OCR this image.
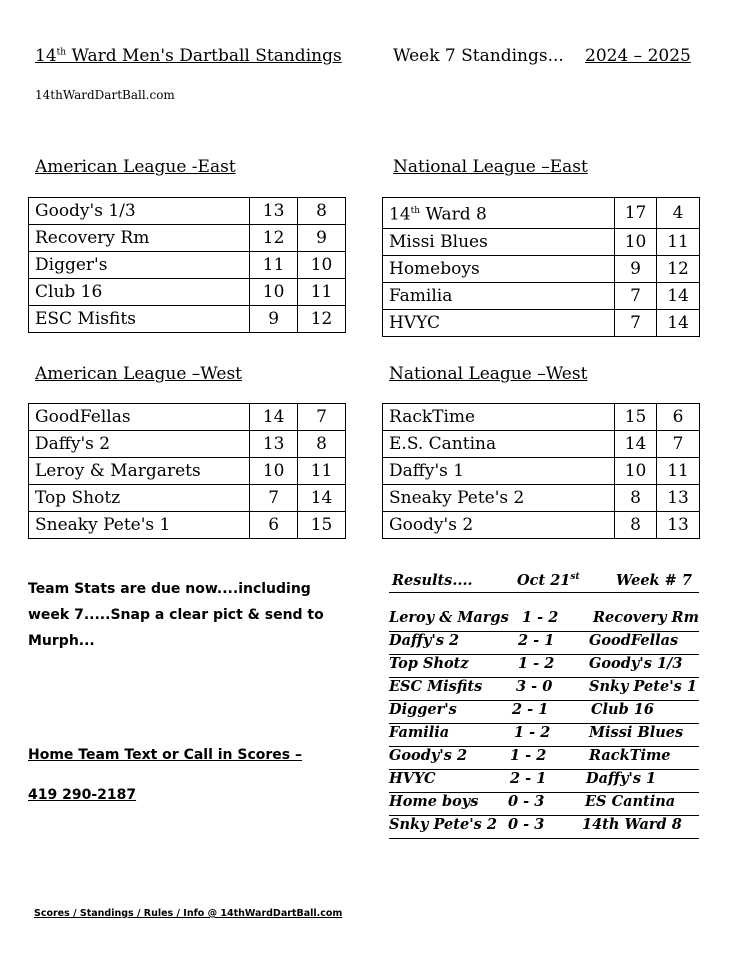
14th Ward Men's Dartball Standings	Week 7 Standings... 2024 – 2025
14thWardDartBall.com
American League -East
Goody's 1/3	13	8
Recovery Rm	12	9
Digger's	11	10
Club 16	10	11
ESC Misfits	9	12
National League –East
14th Ward 8	17	4
Missi Blues	10	11
Homeboys	9	12
Familia	7	14
HVYC	7	14
American League –West
GoodFellas	14	7
Daffy's 2	13	8
Leroy & Margarets	10	11
Top Shotz	7	14
Sneaky Pete's 1	6	15
National League –West
RackTime	15	6
E.S. Cantina	14	7
Daffy's 1	10	11
Sneaky Pete's 2	8	13
Goody's 2	8	13
Team Stats are due now....including
week 7.....Snap a clear pict & send to
Murph...
Home Team Text or Call in Scores –
419 290-2187
Results....	Oct 21st	Week # 7
Leroy & Margs 1 - 2 Recovery Rm
Daffy's 2	2 - 1 GoodFellas
Top Shotz	1 - 2 Goody's 1/3
ESC Misfits 3 - 0	Snky Pete's 1
Digger's	2 - 1	Club 16
Familia	1 - 2	Missi Blues
Goody's 2	1 - 2	RackTime
HVYC	2 - 1	Daffy's 1
Home boys 0 - 3	ES Cantina
Snky Pete's 2 0 - 3	14th Ward 8
Scores / Standings / Rules / Info @ 14thWardDartBall.com
